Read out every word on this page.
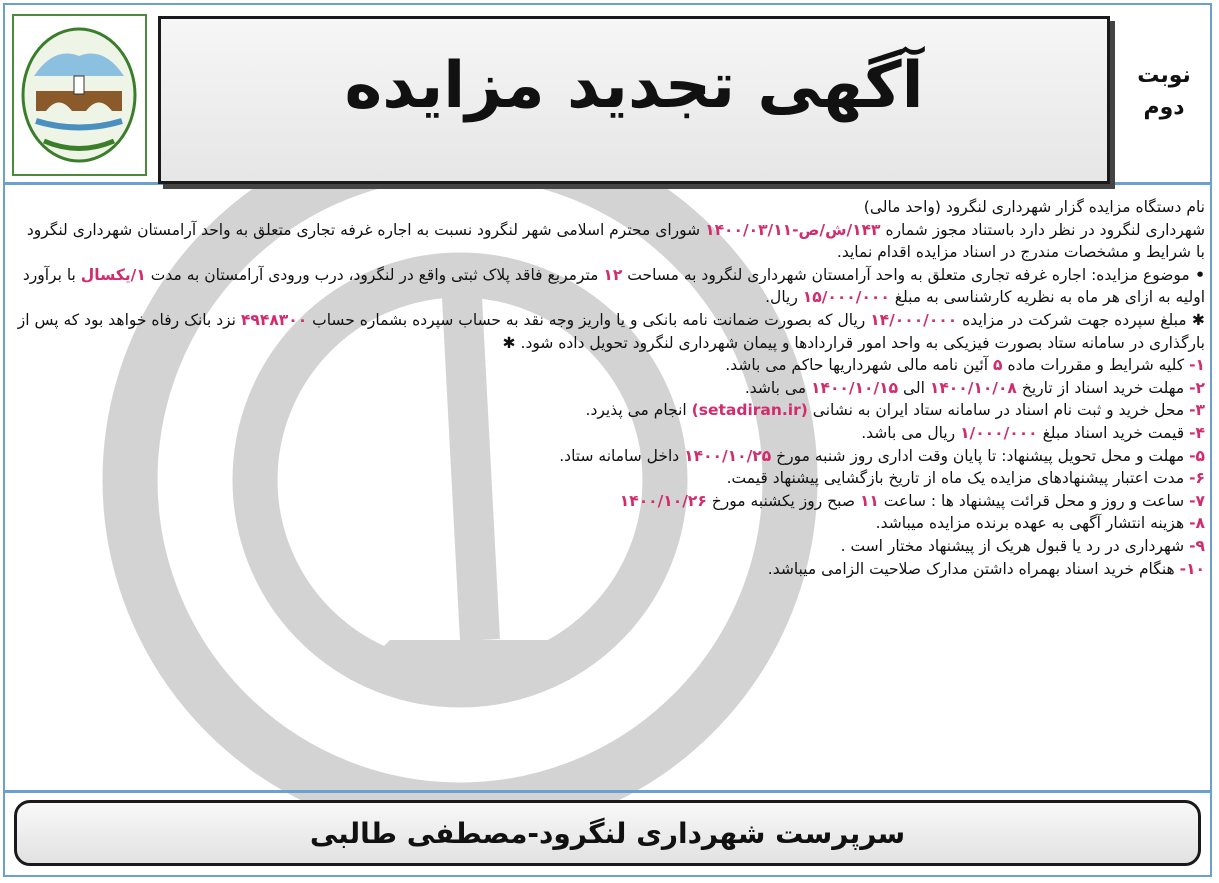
نوبت
دوم
آگهی تجدید مزایده

نام دستگاه مزایده گزار شهرداری لنگرود (واحد مالی)

شهرداری لنگرود در نظر دارد باستناد مجوز شماره ۱۴۳/ش/ص-۱۴۰۰/۰۳/۱۱ شورای محترم اسلامی شهر لنگرود نسبت به اجاره غرفه تجاری متعلق به واحد آرامستان شهرداری لنگرود با شرایط و مشخصات مندرج در اسناد مزایده اقدام نماید.

• موضوع مزایده: اجاره غرفه تجاری متعلق به واحد آرامستان شهرداری لنگرود به مساحت ۱۲ مترمربع فاقد پلاک ثبتی واقع در لنگرود، درب ورودی آرامستان به مدت ۱/یکسال با برآورد اولیه به ازای هر ماه به نظریه کارشناسی به مبلغ ۱۵/۰۰۰/۰۰۰ ریال.

✱ مبلغ سپرده جهت شرکت در مزایده ۱۴/۰۰۰/۰۰۰ ریال که بصورت ضمانت نامه بانکی و یا واریز وجه نقد به حساب سپرده بشماره حساب ۴۹۴۸۳۰۰ نزد بانک رفاه خواهد بود که پس از بارگذاری در سامانه ستاد بصورت فیزیکی به واحد امور قراردادها و پیمان شهرداری لنگرود تحویل داده شود. ✱

۱- کلیه شرایط و مقررات ماده ۵ آئین نامه مالی شهرداریها حاکم می باشد.

۲- مهلت خرید اسناد از تاریخ ۱۴۰۰/۱۰/۰۸ الی ۱۴۰۰/۱۰/۱۵ می باشد.

۳- محل خرید و ثبت نام اسناد در سامانه ستاد ایران به نشانی (setadiran.ir) انجام می پذیرد.

۴- قیمت خرید اسناد مبلغ ۱/۰۰۰/۰۰۰ ریال می باشد.

۵- مهلت و محل تحویل پیشنهاد: تا پایان وقت اداری روز شنبه مورخ ۱۴۰۰/۱۰/۲۵ داخل سامانه ستاد.

۶- مدت اعتبار پیشنهادهای مزایده یک ماه از تاریخ بازگشایی پیشنهاد قیمت.

۷- ساعت و روز و محل قرائت پیشنهاد ها : ساعت ۱۱ صبح روز یکشنبه مورخ ۱۴۰۰/۱۰/۲۶

۸- هزینه انتشار آگهی به عهده برنده مزایده میباشد.

۹- شهرداری در رد یا قبول هریک از پیشنهاد مختار است .

۱۰- هنگام خرید اسناد بهمراه داشتن مدارک صلاحیت الزامی میباشد.

سرپرست شهرداری لنگرود-مصطفی طالبی
